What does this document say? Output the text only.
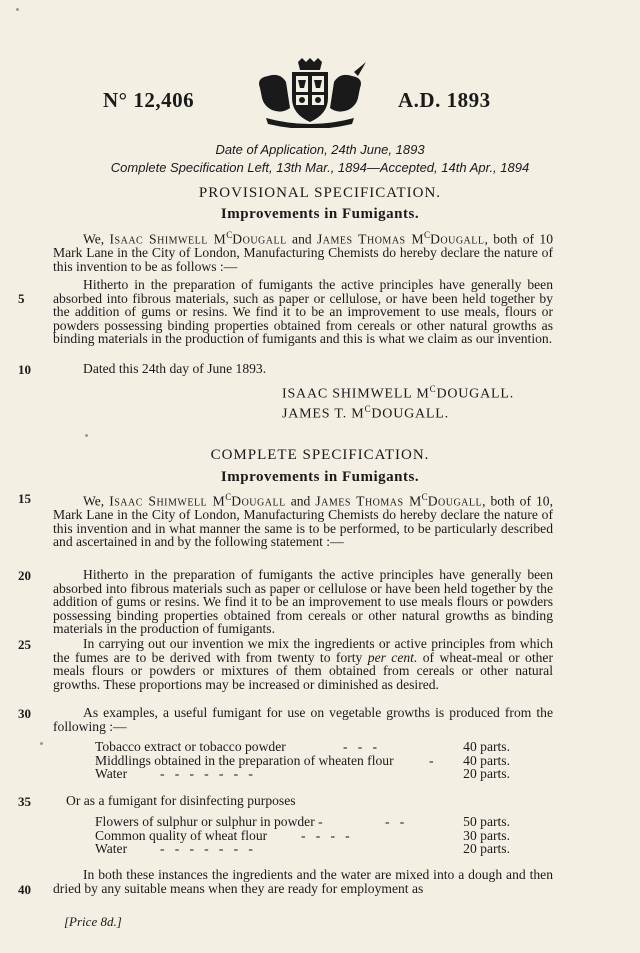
N° 12,406	A.D. 1893
Date of Application, 24th June, 1893
Complete Specification Left, 13th Mar., 1894—Accepted, 14th Apr., 1894
PROVISIONAL SPECIFICATION.
Improvements in Fumigants.
We, Isaac Shimwell $M^CDougall$ and James Thomas $M^CDougall$, both of 10 Mark Lane in the City of London, Manufacturing Chemists do hereby declare the nature of this invention to be as follows :—
Hitherto in the preparation of fumigants the active principles have generally been absorbed into fibrous materials, such as paper or cellulose, or have been held together by the addition of gums or resins. We find it to be an improvement to use meals, flours or powders possessing binding properties obtained from cereals or other natural growths as binding materials in the production of fumigants and this is what we claim as our invention.
Dated this 24th day of June 1893.
ISAAC SHIMWELL $M^CDOUGALL$.
JAMES T. $M^CDOUGALL$.
COMPLETE SPECIFICATION.
Improvements in Fumigants.
We, Isaac Shimwell $M^CDougall$ and James Thomas $M^CDougall$, both of 10, Mark Lane in the City of London, Manufacturing Chemists do hereby declare the nature of this invention and in what manner the same is to be performed, to be particularly described and ascertained in and by the following statement :—
Hitherto in the preparation of fumigants the active principles have generally been absorbed into fibrous materials such as paper or cellulose or have been held together by the addition of gums or resins. We find it to be an improvement to use meals flours or powders possessing binding properties obtained from cereals or other natural growths as binding materials in the production of fumigants.
In carrying out our invention we mix the ingredients or active principles from which the fumes are to be derived with from twenty to forty per cent. of wheat-meal or other meals flours or powders or mixtures of them obtained from cereals or other natural growths. These proportions may be increased or diminished as desired.
As examples, a useful fumigant for use on vegetable growths is produced from the following :—
Tobacco extract or tobacco powder	-   -   -	40 parts.
Middlings obtained in the preparation of wheaten flour	- 40 parts.
Water -   -   -   -   -   -   -	20 parts.
Or as a fumigant for disinfecting purposes
Flowers of sulphur or sulphur in powder -	-   -	50 parts.
Common quality of wheat flour -   -   -   -	30 parts.
Water -   -   -   -   -   -   -	20 parts.
In both these instances the ingredients and the water are mixed into a dough and then dried by any suitable means when they are ready for employment as
5
10
15
20
25
30
35
40
[Price 8d.]
